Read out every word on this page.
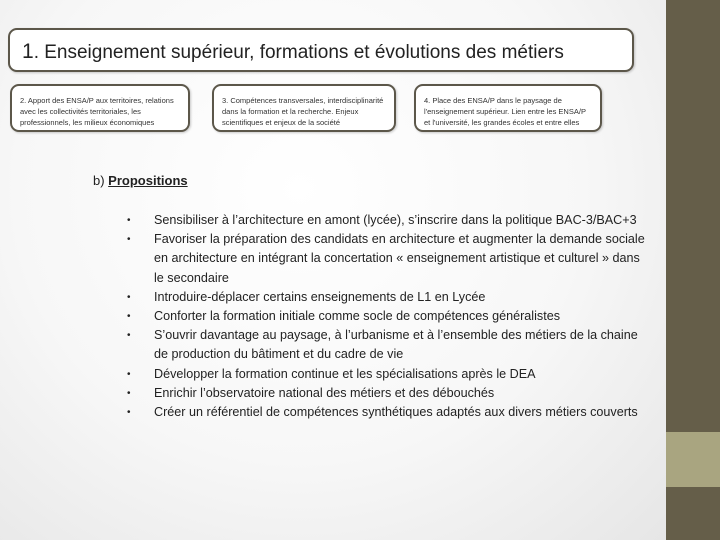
1. Enseignement supérieur, formations et évolutions des métiers
2. Apport des ENSA/P aux territoires, relations avec les collectivités territoriales, les professionnels, les milieux économiques
3. Compétences transversales, interdisciplinarité dans la formation et la recherche. Enjeux scientifiques et enjeux de la société
4. Place des ENSA/P dans le paysage de l'enseignement supérieur. Lien entre les ENSA/P et l'université, les grandes écoles et entre elles
b) Propositions
• Sensibiliser à l’architecture en amont (lycée), s’inscrire dans la politique BAC-3/BAC+3
• Favoriser la préparation des candidats en architecture et augmenter la demande sociale en architecture en intégrant la concertation « enseignement artistique et culturel » dans le secondaire
• Introduire-déplacer certains enseignements de L1 en Lycée
• Conforter la formation initiale comme socle de compétences généralistes
• S’ouvrir davantage au paysage, à l’urbanisme et à l’ensemble des métiers de la chaine de production du bâtiment et du cadre de vie
• Développer la formation continue et les spécialisations après le DEA
• Enrichir l’observatoire national des métiers et des débouchés
• Créer un référentiel de compétences synthétiques adaptés aux divers métiers couverts
